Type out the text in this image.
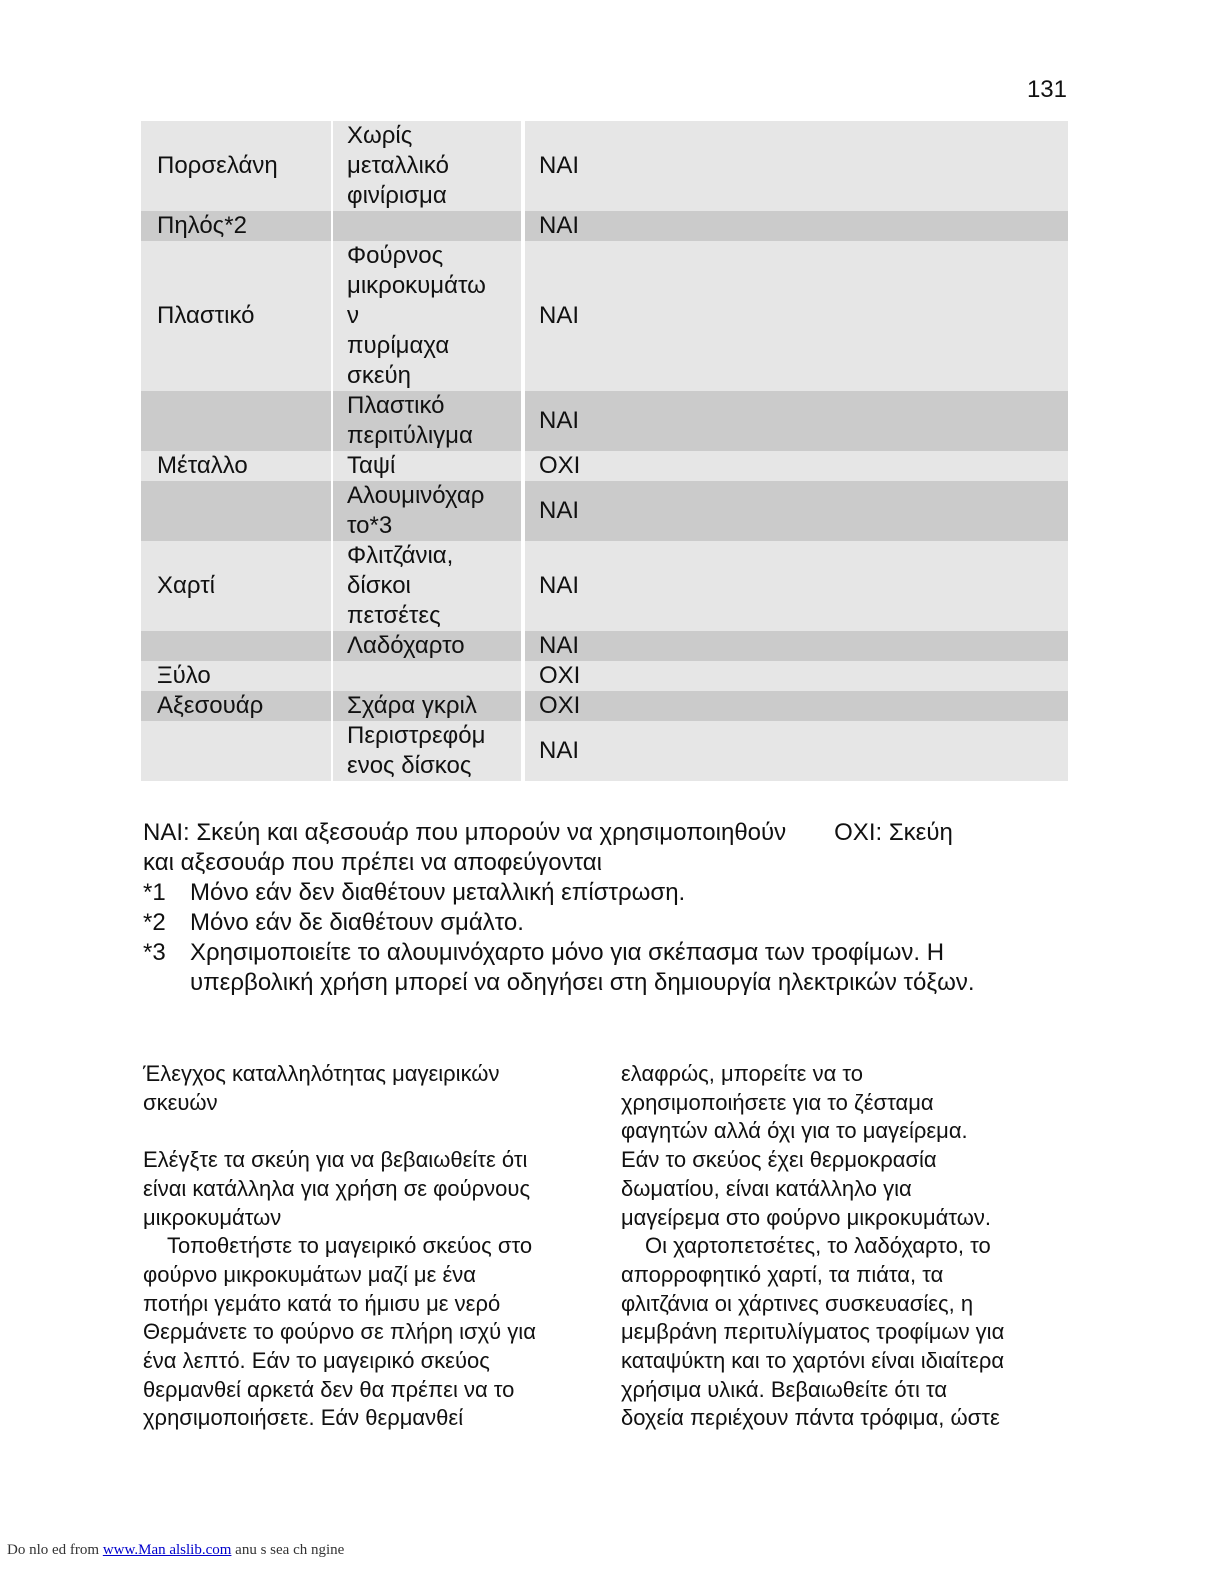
131
Πορσελάνη	Χωρίς
μεταλλικό
φινίρισμα	ΝΑΙ
Πηλός*2		ΝΑΙ
Πλαστικό	Φούρνος
μικροκυμάτω
ν
πυρίμαχα
σκεύη	ΝΑΙ

	Πλαστικό
περιτύλιγμα	ΝΑΙ
Μέταλλο	Ταψί	ΟΧΙ

	Αλουμινόχαρ
το*3	ΝΑΙ
Χαρτί	Φλιτζάνια,
δίσκοι
πετσέτες	ΝΑΙ

	Λαδόχαρτο	ΝΑΙ
Ξύλο		ΟΧΙ
Αξεσουάρ	Σχάρα γκριλ	ΟΧΙ

	Περιστρεφόμ
ενος δίσκος	ΝΑΙ

ΝΑΙ: Σκεύη και αξεσουάρ που μπορούν να χρησιμοποιηθούν ΟΧΙ: Σκεύη

και αξεσουάρ που πρέπει να αποφεύγονται

*1	Μόνο εάν δεν διαθέτουν μεταλλική επίστρωση.
*2	Μόνο εάν δε διαθέτουν σμάλτο.
*3	Χρησιμοποιείτε το αλουμινόχαρτο μόνο για σκέπασμα των τροφίμων. Η
υπερβολική χρήση μπορεί να οδηγήσει στη δημιουργία ηλεκτρικών τόξων.

Έλεγχος καταλληλότητας μαγειρικών

σκευών

Ελέγξτε τα σκεύη για να βεβαιωθείτε ότι

είναι κατάλληλα για χρήση σε φούρνους

μικροκυμάτων

Τοποθετήστε το μαγειρικό σκεύος στο

φούρνο μικροκυμάτων μαζί με ένα

ποτήρι γεμάτο κατά το ήμισυ με νερό

Θερμάνετε το φούρνο σε πλήρη ισχύ για

ένα λεπτό. Εάν το μαγειρικό σκεύος

θερμανθεί αρκετά δεν θα πρέπει να το

χρησιμοποιήσετε. Εάν θερμανθεί

ελαφρώς, μπορείτε να το

χρησιμοποιήσετε για το ζέσταμα

φαγητών αλλά όχι για το μαγείρεμα.

Εάν το σκεύος έχει θερμοκρασία

δωματίου, είναι κατάλληλο για

μαγείρεμα στο φούρνο μικροκυμάτων.

Οι χαρτοπετσέτες, το λαδόχαρτο, το

απορροφητικό χαρτί, τα πιάτα, τα

φλιτζάνια οι χάρτινες συσκευασίες, η

μεμβράνη περιτυλίγματος τροφίμων για

καταψύκτη και το χαρτόνι είναι ιδιαίτερα

χρήσιμα υλικά. Βεβαιωθείτε ότι τα

δοχεία περιέχουν πάντα τρόφιμα, ώστε

Do nlo ed from www.Man alslib.com anu s sea ch ngine
